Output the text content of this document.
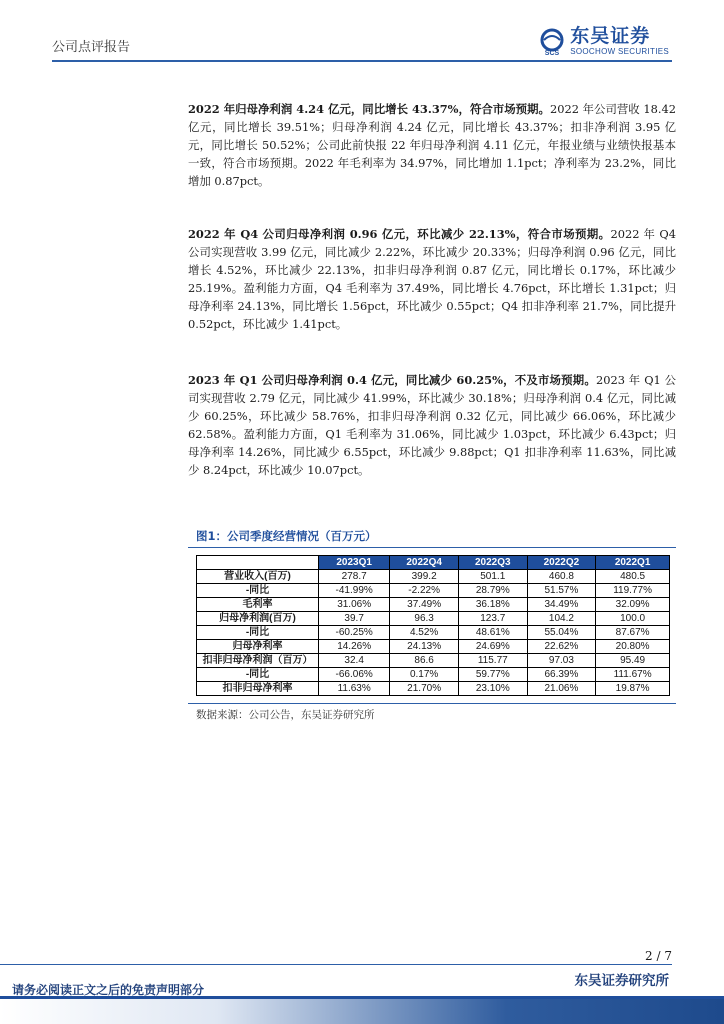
公司点评报告	SCS
东吴证券
SOOCHOW SECURITIES
2022 年归母净利润 4.24 亿元，同比增长 43.37%，符合市场预期。2022 年公司营收 18.42 亿元，同比增长 39.51%；归母净利润 4.24 亿元，同比增长 43.37%；扣非净利润 3.95 亿元，同比增长 50.52%；公司此前快报 22 年归母净利润 4.11 亿元，年报业绩与业绩快报基本一致，符合市场预期。2022 年毛利率为 34.97%，同比增加 1.1pct；净利率为 23.2%，同比增加 0.87pct。
2022 年 Q4 公司归母净利润 0.96 亿元，环比减少 22.13%，符合市场预期。2022 年 Q4 公司实现营收 3.99 亿元，同比减少 2.22%，环比减少 20.33%；归母净利润 0.96 亿元，同比增长 4.52%，环比减少 22.13%，扣非归母净利润 0.87 亿元，同比增长 0.17%，环比减少 25.19%。盈利能力方面，Q4 毛利率为 37.49%，同比增长 4.76pct，环比增长 1.31pct；归母净利率 24.13%，同比增长 1.56pct，环比减少 0.55pct；Q4 扣非净利率 21.7%，同比提升 0.52pct，环比减少 1.41pct。
2023 年 Q1 公司归母净利润 0.4 亿元，同比减少 60.25%，不及市场预期。2023 年 Q1 公司实现营收 2.79 亿元，同比减少 41.99%，环比减少 30.18%；归母净利润 0.4 亿元，同比减少 60.25%，环比减少 58.76%，扣非归母净利润 0.32 亿元，同比减少 66.06%，环比减少 62.58%。盈利能力方面，Q1 毛利率为 31.06%，同比减少 1.03pct，环比减少 6.43pct；归母净利率 14.26%，同比减少 6.55pct，环比减少 9.88pct；Q1 扣非净利率 11.63%，同比减少 8.24pct，环比减少 10.07pct。
图1：公司季度经营情况（百万元）
	2023Q1	2022Q4	2022Q3	2022Q2	2022Q1
营业收入(百万)	278.7	399.2	501.1	460.8	480.5
-同比	-41.99%	-2.22%	28.79%	51.57%	119.77%
毛利率	31.06%	37.49%	36.18%	34.49%	32.09%
归母净利润(百万)	39.7	96.3	123.7	104.2	100.0
-同比	-60.25%	4.52%	48.61%	55.04%	87.67%
归母净利率	14.26%	24.13%	24.69%	22.62%	20.80%
扣非归母净利润（百万）	32.4	86.6	115.77	97.03	95.49
-同比	-66.06%	0.17%	59.77%	66.39%	111.67%
扣非归母净利率	11.63%	21.70%	23.10%	21.06%	19.87%
数据来源：公司公告，东吴证券研究所
2 / 7
东吴证券研究所
请务必阅读正文之后的免责声明部分
